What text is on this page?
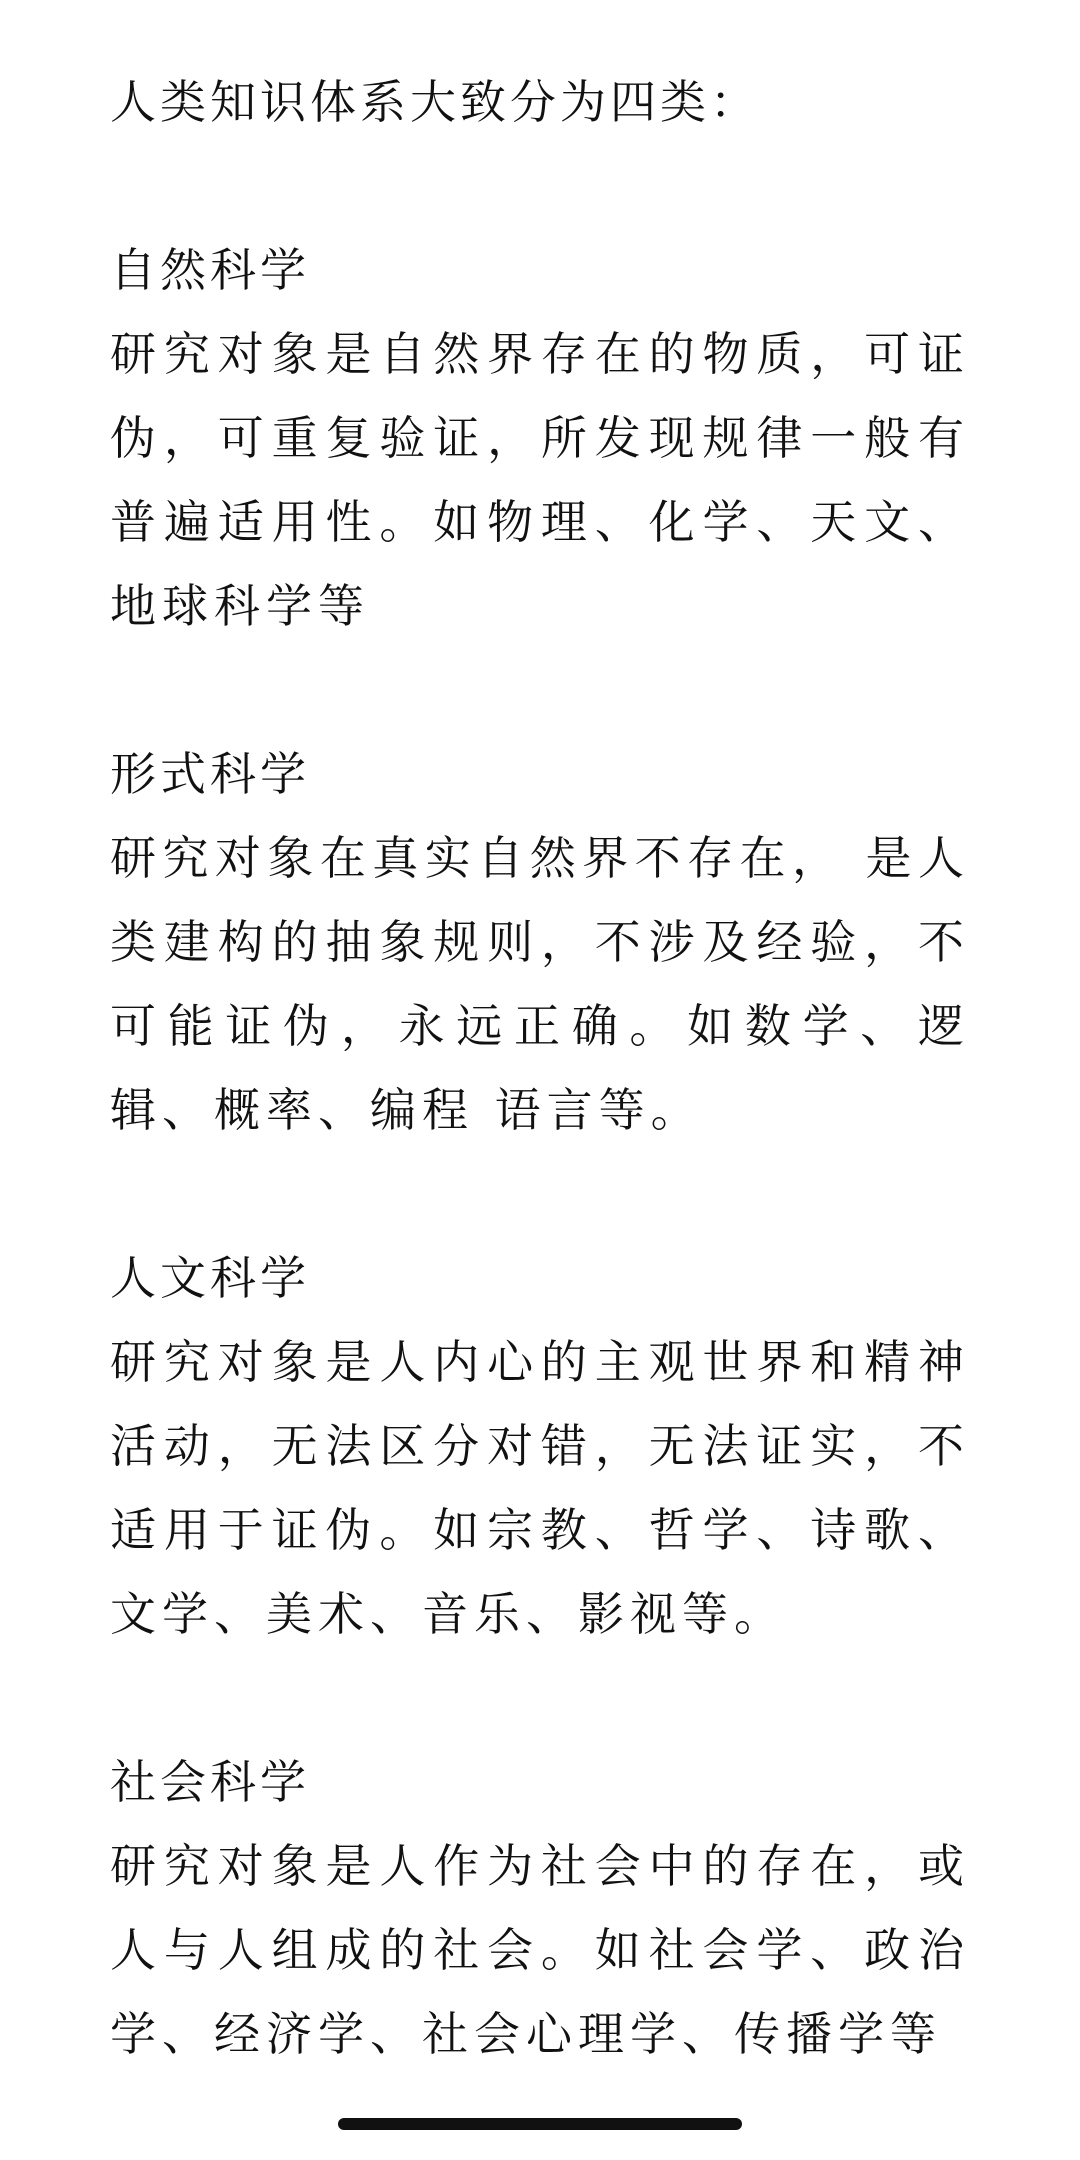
人类知识体系大致分为四类：

自然科学

研究对象是自然界存在的物质，可证伪，可重复验证，所发现规律一般有普遍适用性。如物理、化学、天文、地球科学等

形式科学

研究对象在真实自然界不存在， 是人类建构的抽象规则，不涉及经验，不可能证伪，永远正确。如数学、逻辑、概率、编程 语言等。

人文科学

研究对象是人内心的主观世界和精神活动，无法区分对错，无法证实，不适用于证伪。如宗教、哲学、诗歌、文学、美术、音乐、影视等。

社会科学

研究对象是人作为社会中的存在，或人与人组成的社会。如社会学、政治学、经济学、社会心理学、传播学等
